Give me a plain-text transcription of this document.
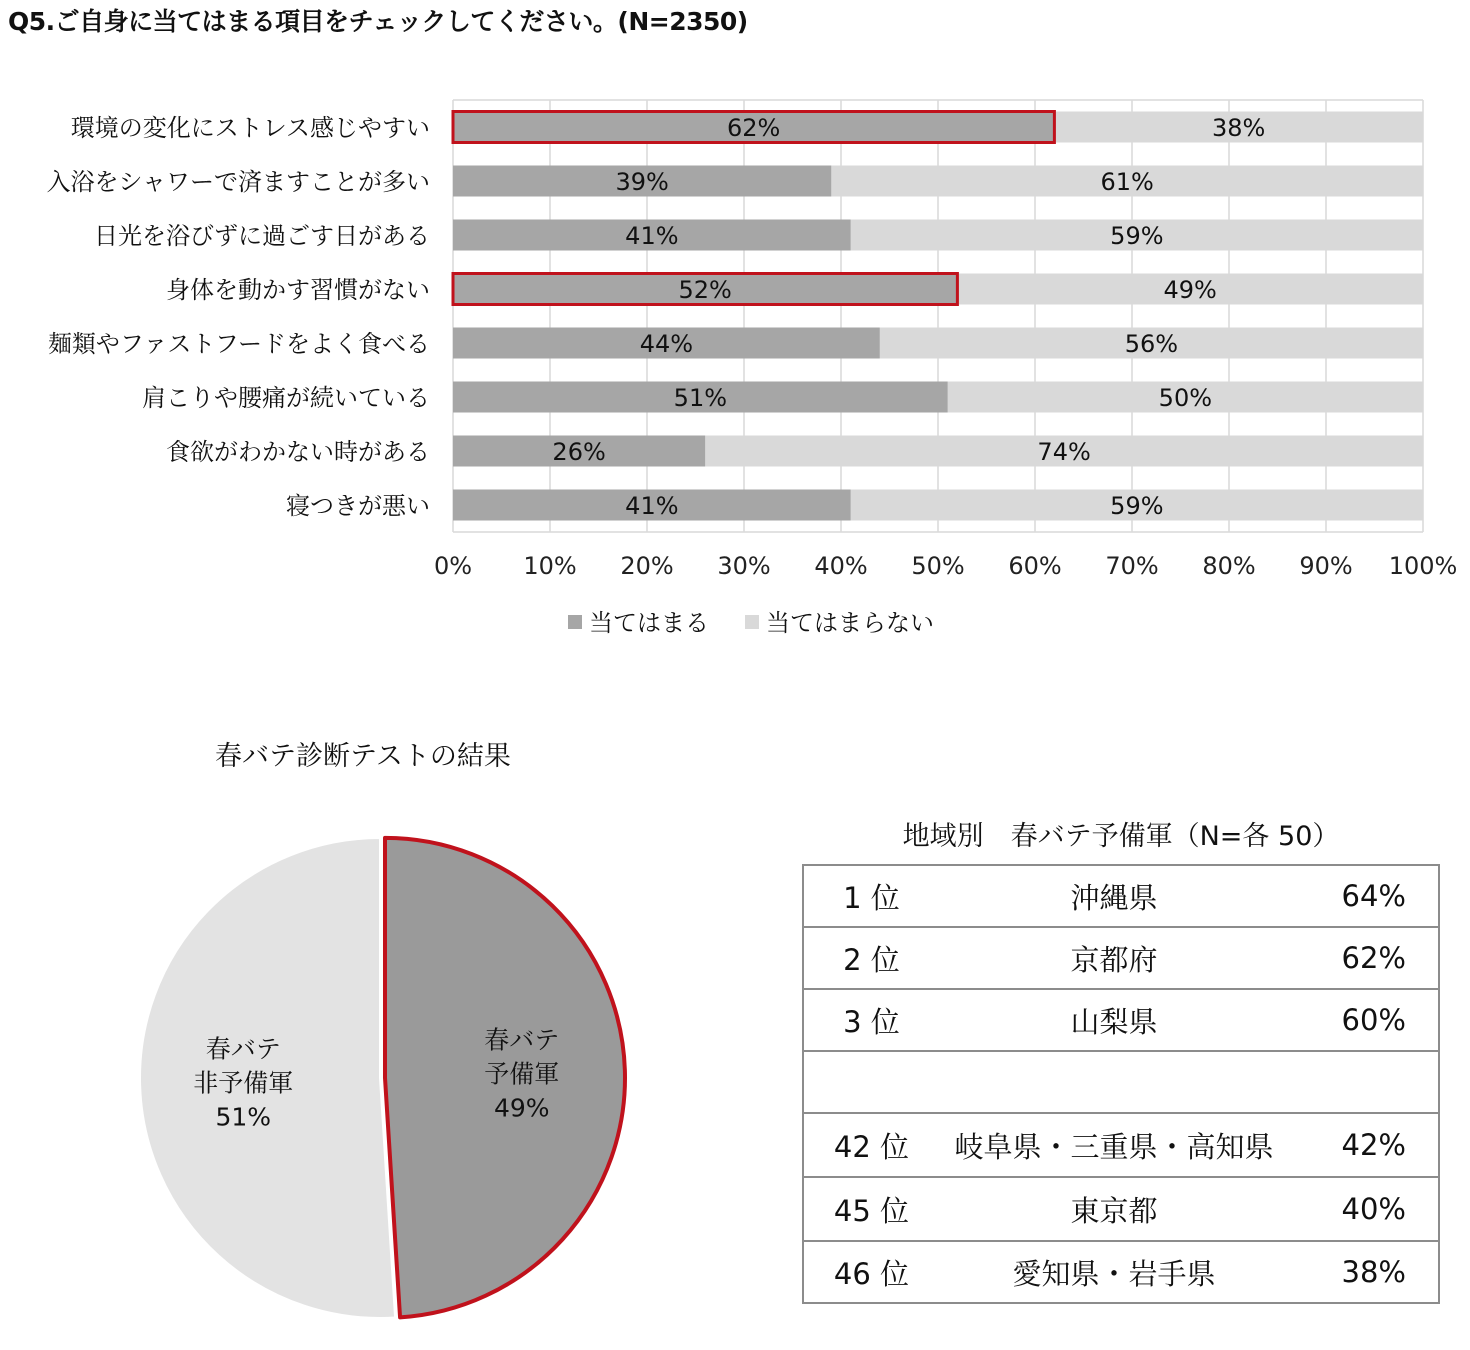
Q5.ご自身に当てはまる項目をチェックしてください。(N=2350)
0% 10% 20% 30% 40% 50% 60% 70% 80% 90% 100%
62%	38%
環境の変化にストレス感じやすい
39%	61%
入浴をシャワーで済ますことが多い
41%	59%
日光を浴びずに過ごす日がある
52%	49%
身体を動かす習慣がない
44%	56%
麺類やファストフードをよく食べる
51%	50%
肩こりや腰痛が続いている
26%	74%
食欲がわかない時がある
41%	59%
寝つきが悪い
当てはまる 当てはまらない
春バテ診断テストの結果
春バテ
非予備軍
51%
春バテ
予備軍
49%
地域別　春バテ予備軍（N=各 50）
1 位	沖縄県	64%
2 位	京都府	62%
3 位	山梨県	60%

42 位	岐阜県・三重県・高知県	42%
45 位	東京都	40%
46 位	愛知県・岩手県	38%
